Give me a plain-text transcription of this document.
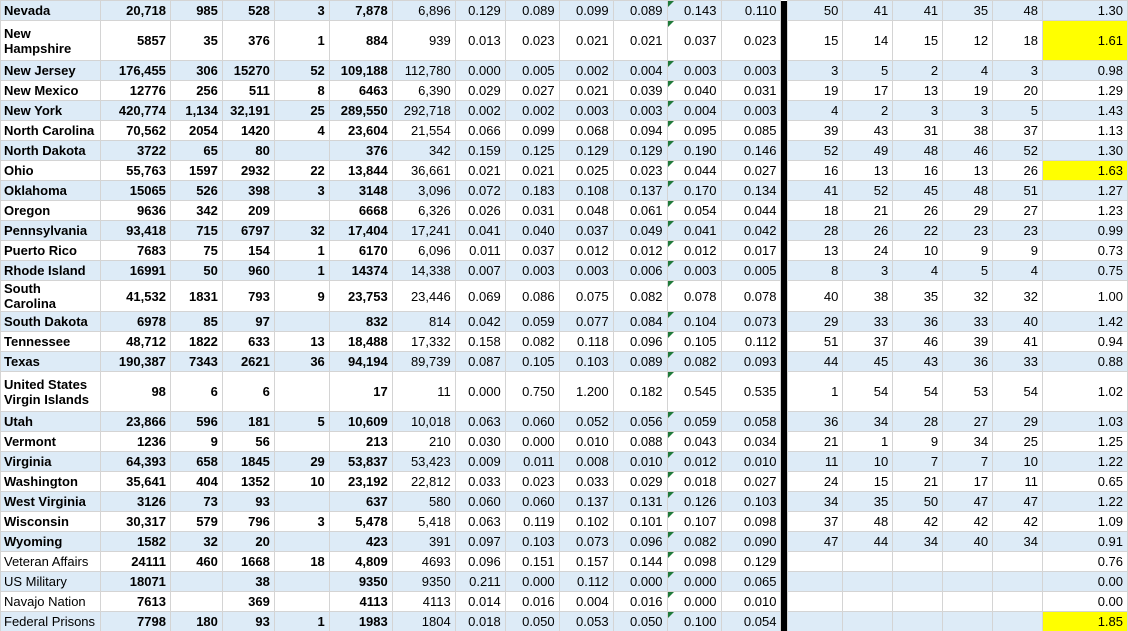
Nevada	20,718	985	528	3	7,878	6,896	0.129	0.089	0.099	0.089	0.143	0.110		50	41	41	35	48	1.30
New Hampshire	5857	35	376	1	884	939	0.013	0.023	0.021	0.021	0.037	0.023		15	14	15	12	18	1.61
New Jersey	176,455	306	15270	52	109,188	112,780	0.000	0.005	0.002	0.004	0.003	0.003		3	5	2	4	3	0.98
New Mexico	12776	256	511	8	6463	6,390	0.029	0.027	0.021	0.039	0.040	0.031		19	17	13	19	20	1.29
New York	420,774	1,134	32,191	25	289,550	292,718	0.002	0.002	0.003	0.003	0.004	0.003		4	2	3	3	5	1.43
North Carolina	70,562	2054	1420	4	23,604	21,554	0.066	0.099	0.068	0.094	0.095	0.085		39	43	31	38	37	1.13
North Dakota	3722	65	80		376	342	0.159	0.125	0.129	0.129	0.190	0.146		52	49	48	46	52	1.30
Ohio	55,763	1597	2932	22	13,844	36,661	0.021	0.021	0.025	0.023	0.044	0.027		16	13	16	13	26	1.63
Oklahoma	15065	526	398	3	3148	3,096	0.072	0.183	0.108	0.137	0.170	0.134		41	52	45	48	51	1.27
Oregon	9636	342	209		6668	6,326	0.026	0.031	0.048	0.061	0.054	0.044		18	21	26	29	27	1.23
Pennsylvania	93,418	715	6797	32	17,404	17,241	0.041	0.040	0.037	0.049	0.041	0.042		28	26	22	23	23	0.99
Puerto Rico	7683	75	154	1	6170	6,096	0.011	0.037	0.012	0.012	0.012	0.017		13	24	10	9	9	0.73
Rhode Island	16991	50	960	1	14374	14,338	0.007	0.003	0.003	0.006	0.003	0.005		8	3	4	5	4	0.75
South Carolina	41,532	1831	793	9	23,753	23,446	0.069	0.086	0.075	0.082	0.078	0.078		40	38	35	32	32	1.00
South Dakota	6978	85	97		832	814	0.042	0.059	0.077	0.084	0.104	0.073		29	33	36	33	40	1.42
Tennessee	48,712	1822	633	13	18,488	17,332	0.158	0.082	0.118	0.096	0.105	0.112		51	37	46	39	41	0.94
Texas	190,387	7343	2621	36	94,194	89,739	0.087	0.105	0.103	0.089	0.082	0.093		44	45	43	36	33	0.88
United States Virgin Islands	98	6	6		17	11	0.000	0.750	1.200	0.182	0.545	0.535		1	54	54	53	54	1.02
Utah	23,866	596	181	5	10,609	10,018	0.063	0.060	0.052	0.056	0.059	0.058		36	34	28	27	29	1.03
Vermont	1236	9	56		213	210	0.030	0.000	0.010	0.088	0.043	0.034		21	1	9	34	25	1.25
Virginia	64,393	658	1845	29	53,837	53,423	0.009	0.011	0.008	0.010	0.012	0.010		11	10	7	7	10	1.22
Washington	35,641	404	1352	10	23,192	22,812	0.033	0.023	0.033	0.029	0.018	0.027		24	15	21	17	11	0.65
West Virginia	3126	73	93		637	580	0.060	0.060	0.137	0.131	0.126	0.103		34	35	50	47	47	1.22
Wisconsin	30,317	579	796	3	5,478	5,418	0.063	0.119	0.102	0.101	0.107	0.098		37	48	42	42	42	1.09
Wyoming	1582	32	20		423	391	0.097	0.103	0.073	0.096	0.082	0.090		47	44	34	40	34	0.91
Veteran Affairs	24111	460	1668	18	4,809	4693	0.096	0.151	0.157	0.144	0.098	0.129							0.76
US Military	18071		38		9350	9350	0.211	0.000	0.112	0.000	0.000	0.065							0.00
Navajo Nation	7613		369		4113	4113	0.014	0.016	0.004	0.016	0.000	0.010							0.00
Federal Prisons	7798	180	93	1	1983	1804	0.018	0.050	0.053	0.050	0.100	0.054							1.85
